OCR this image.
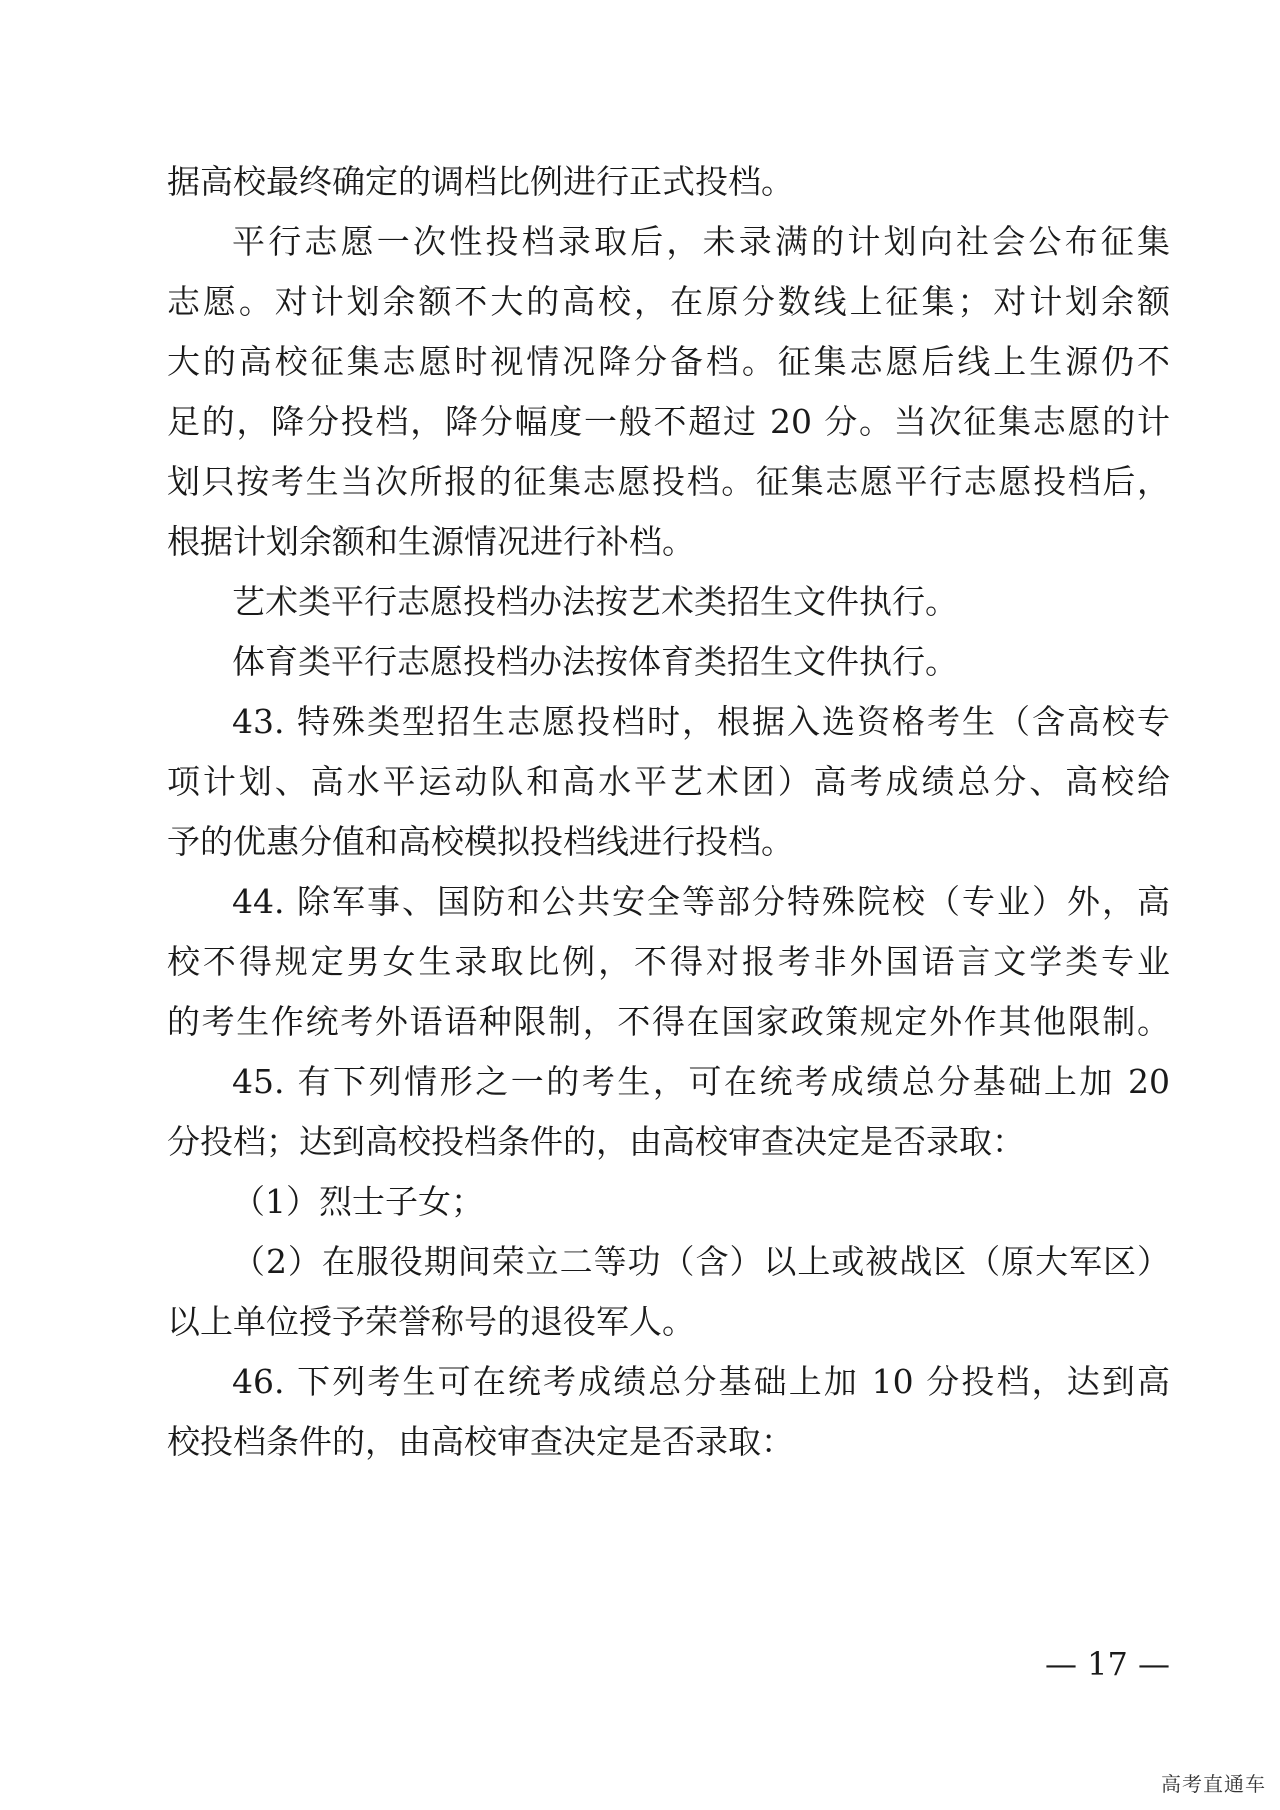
据高校最终确定的调档比例进行正式投档。
平行志愿一次性投档录取后，未录满的计划向社会公布征集
志愿。对计划余额不大的高校，在原分数线上征集；对计划余额
大的高校征集志愿时视情况降分备档。征集志愿后线上生源仍不
足的，降分投档，降分幅度一般不超过 20 分。当次征集志愿的计
划只按考生当次所报的征集志愿投档。征集志愿平行志愿投档后，
根据计划余额和生源情况进行补档。
艺术类平行志愿投档办法按艺术类招生文件执行。
体育类平行志愿投档办法按体育类招生文件执行。
43. 特殊类型招生志愿投档时，根据入选资格考生（含高校专
项计划、高水平运动队和高水平艺术团）高考成绩总分、高校给
予的优惠分值和高校模拟投档线进行投档。
44. 除军事、国防和公共安全等部分特殊院校（专业）外，高
校不得规定男女生录取比例，不得对报考非外国语言文学类专业
的考生作统考外语语种限制，不得在国家政策规定外作其他限制。
45. 有下列情形之一的考生，可在统考成绩总分基础上加 20
分投档；达到高校投档条件的，由高校审查决定是否录取：
（1）烈士子女；
（2）在服役期间荣立二等功（含）以上或被战区（原大军区）
以上单位授予荣誉称号的退役军人。
46. 下列考生可在统考成绩总分基础上加 10 分投档，达到高
校投档条件的，由高校审查决定是否录取：
— 17 —
高考直通车
